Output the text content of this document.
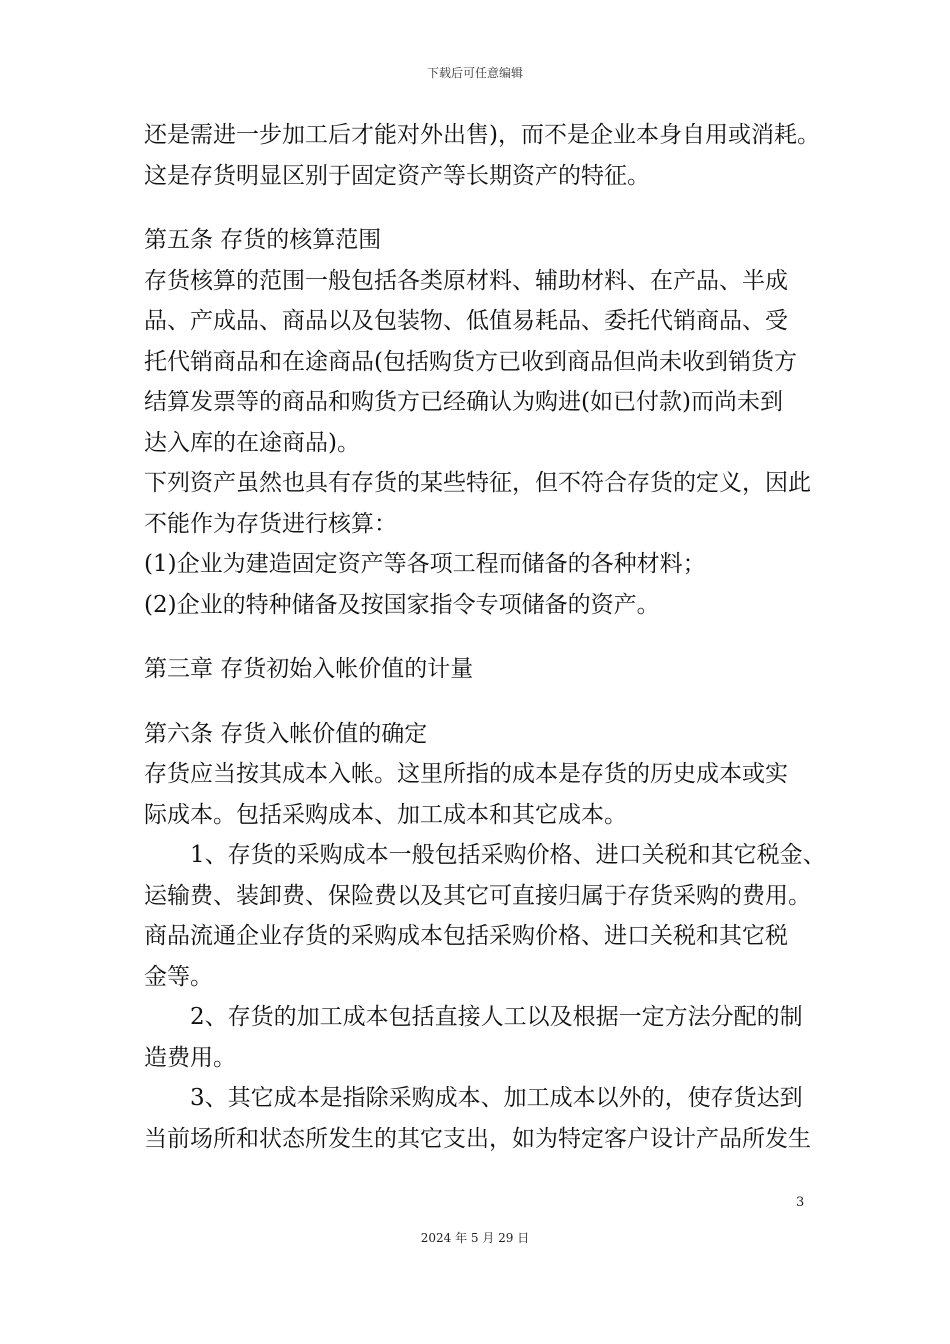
下载后可任意编辑
还是需进一步加工后才能对外出售)，而不是企业本身自用或消耗。
这是存货明显区别于固定资产等长期资产的特征。
第五条 存货的核算范围
存货核算的范围一般包括各类原材料、辅助材料、在产品、半成
品、产成品、商品以及包装物、低值易耗品、委托代销商品、受
托代销商品和在途商品(包括购货方已收到商品但尚未收到销货方
结算发票等的商品和购货方已经确认为购进(如已付款)而尚未到
达入库的在途商品)。
下列资产虽然也具有存货的某些特征，但不符合存货的定义，因此
不能作为存货进行核算：
(1)企业为建造固定资产等各项工程而储备的各种材料；
(2)企业的特种储备及按国家指令专项储备的资产。
第三章 存货初始入帐价值的计量
第六条 存货入帐价值的确定
存货应当按其成本入帐。这里所指的成本是存货的历史成本或实
际成本。包括采购成本、加工成本和其它成本。
1、存货的采购成本一般包括采购价格、进口关税和其它税金、
运输费、装卸费、保险费以及其它可直接归属于存货采购的费用。
商品流通企业存货的采购成本包括采购价格、进口关税和其它税
金等。
2、存货的加工成本包括直接人工以及根据一定方法分配的制
造费用。
3、其它成本是指除采购成本、加工成本以外的，使存货达到
当前场所和状态所发生的其它支出，如为特定客户设计产品所发生
3
2024 年 5 月 29 日
